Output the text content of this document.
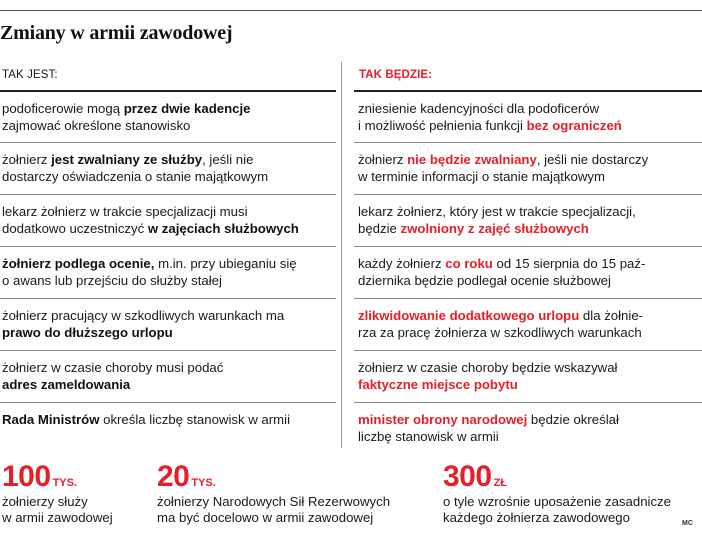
Zmiany w armii zawodowej
TAK JEST:	TAK BĘDZIE:
podoficerowie mogą przez dwie kadencje
zajmować określone stanowisko
żołnierz jest zwalniany ze służby, jeśli nie
dostarczy oświadczenia o stanie majątkowym
lekarz żołnierz w trakcie specjalizacji musi
dodatkowo uczestniczyć w zajęciach służbowych
żołnierz podlega ocenie, m.in. przy ubieganiu się
o awans lub przejściu do służby stałej
żołnierz pracujący w szkodliwych warunkach ma
prawo do dłuższego urlopu
żołnierz w czasie choroby musi podać
adres zameldowania
Rada Ministrów określa liczbę stanowisk w armii
zniesienie kadencyjności dla podoficerów
i możliwość pełnienia funkcji bez ograniczeń
żołnierz nie będzie zwalniany, jeśli nie dostarczy
w terminie informacji o stanie majątkowym
lekarz żołnierz, który jest w trakcie specjalizacji,
będzie zwolniony z zajęć służbowych
każdy żołnierz co roku od 15 sierpnia do 15 paź-
dziernika będzie podlegał ocenie służbowej
zlikwidowanie dodatkowego urlopu dla żołnie-
rza za pracę żołnierza w szkodliwych warunkach
żołnierz w czasie choroby będzie wskazywał
faktyczne miejsce pobytu
minister obrony narodowej będzie określał
liczbę stanowisk w armii
100 TYS.
żołnierzy służy
w armii zawodowej
20 TYS.
żołnierzy Narodowych Sił Rezerwowych
ma być docelowo w armii zawodowej
300 ZŁ
o tyle wzrośnie uposażenie zasadnicze
każdego żołnierza zawodowego	MC
